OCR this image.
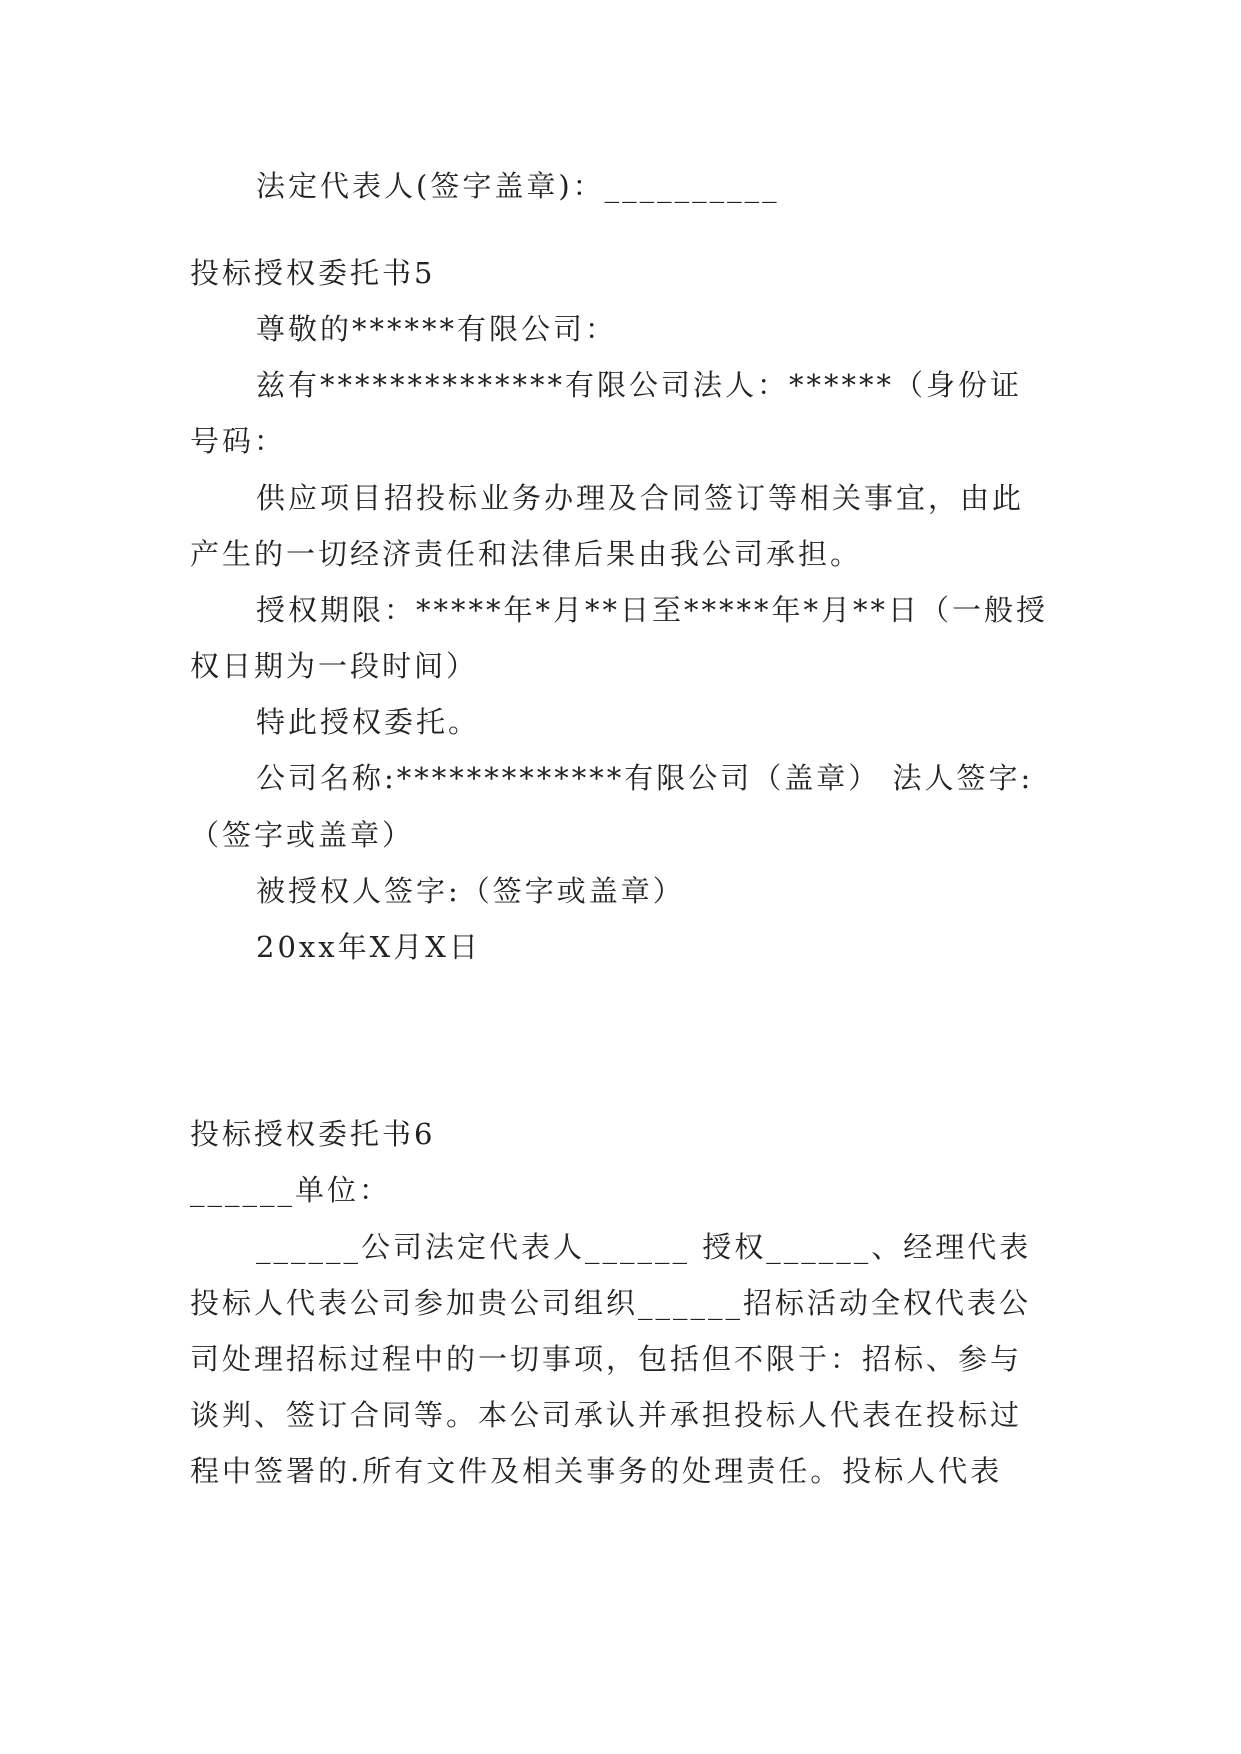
法定代表人(签字盖章)：__________
投标授权委托书5
尊敬的******有限公司：
兹有**************有限公司法人：******（身份证
号码：
供应项目招投标业务办理及合同签订等相关事宜，由此
产生的一切经济责任和法律后果由我公司承担。
授权期限：*****年*月**日至*****年*月**日（一般授
权日期为一段时间）
特此授权委托。
公司名称:*************有限公司（盖章） 法人签字:
（签字或盖章）
被授权人签字:（签字或盖章）
20xx年X月X日
投标授权委托书6
______单位：
______公司法定代表人______ 授权______、经理代表
投标人代表公司参加贵公司组织______招标活动全权代表公
司处理招标过程中的一切事项，包括但不限于：招标、参与
谈判、签订合同等。本公司承认并承担投标人代表在投标过
程中签署的.所有文件及相关事务的处理责任。投标人代表
